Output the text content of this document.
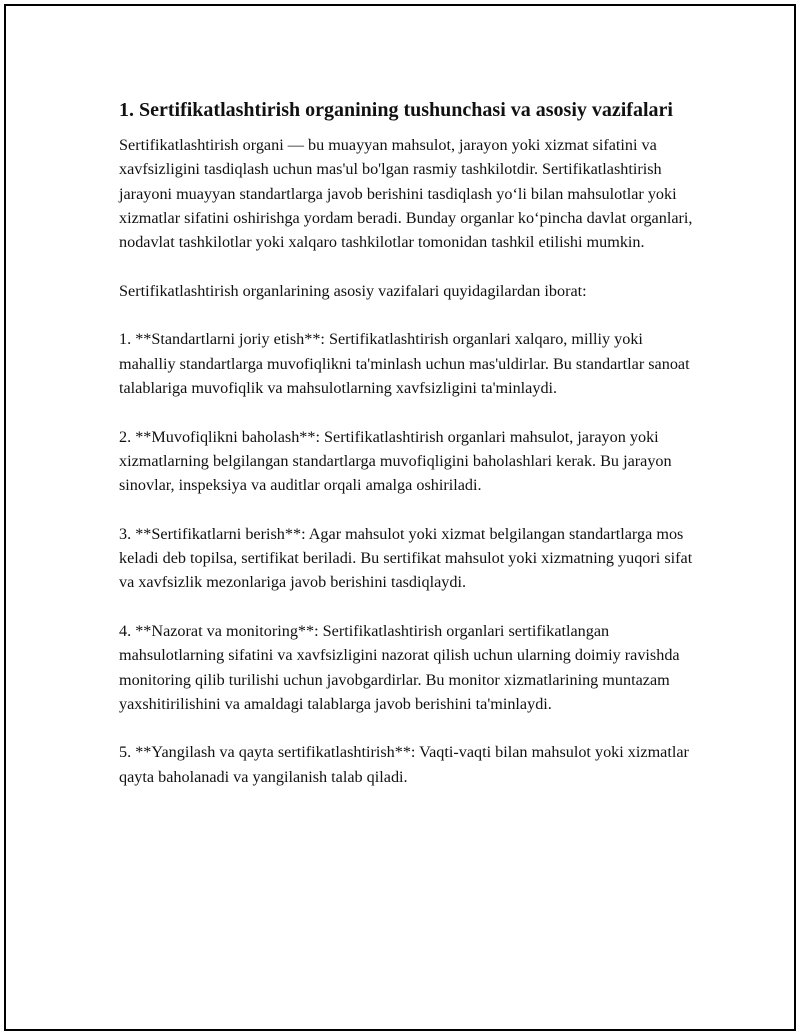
1. Sertifikatlashtirish organining tushunchasi va asosiy vazifalari

Sertifikatlashtirish organi — bu muayyan mahsulot, jarayon yoki xizmat sifatini va xavfsizligini tasdiqlash uchun mas'ul bo'lgan rasmiy tashkilotdir. Sertifikatlashtirish jarayoni muayyan standartlarga javob berishini tasdiqlash yo‘li bilan mahsulotlar yoki xizmatlar sifatini oshirishga yordam beradi. Bunday organlar ko‘pincha davlat organlari, nodavlat tashkilotlar yoki xalqaro tashkilotlar tomonidan tashkil etilishi mumkin.

Sertifikatlashtirish organlarining asosiy vazifalari quyidagilardan iborat:

1. **Standartlarni joriy etish**: Sertifikatlashtirish organlari xalqaro, milliy yoki mahalliy standartlarga muvofiqlikni ta'minlash uchun mas'uldirlar. Bu standartlar sanoat talablariga muvofiqlik va mahsulotlarning xavfsizligini ta'minlaydi.

2. **Muvofiqlikni baholash**: Sertifikatlashtirish organlari mahsulot, jarayon yoki xizmatlarning belgilangan standartlarga muvofiqligini baholashlari kerak. Bu jarayon sinovlar, inspeksiya va auditlar orqali amalga oshiriladi.

3. **Sertifikatlarni berish**: Agar mahsulot yoki xizmat belgilangan standartlarga mos keladi deb topilsa, sertifikat beriladi. Bu sertifikat mahsulot yoki xizmatning yuqori sifat va xavfsizlik mezonlariga javob berishini tasdiqlaydi.

4. **Nazorat va monitoring**: Sertifikatlashtirish organlari sertifikatlangan mahsulotlarning sifatini va xavfsizligini nazorat qilish uchun ularning doimiy ravishda monitoring qilib turilishi uchun javobgardirlar. Bu monitor xizmatlarining muntazam yaxshitirilishini va amaldagi talablarga javob berishini ta'minlaydi.

5. **Yangilash va qayta sertifikatlashtirish**: Vaqti-vaqti bilan mahsulot yoki xizmatlar qayta baholanadi va yangilanish talab qiladi.
